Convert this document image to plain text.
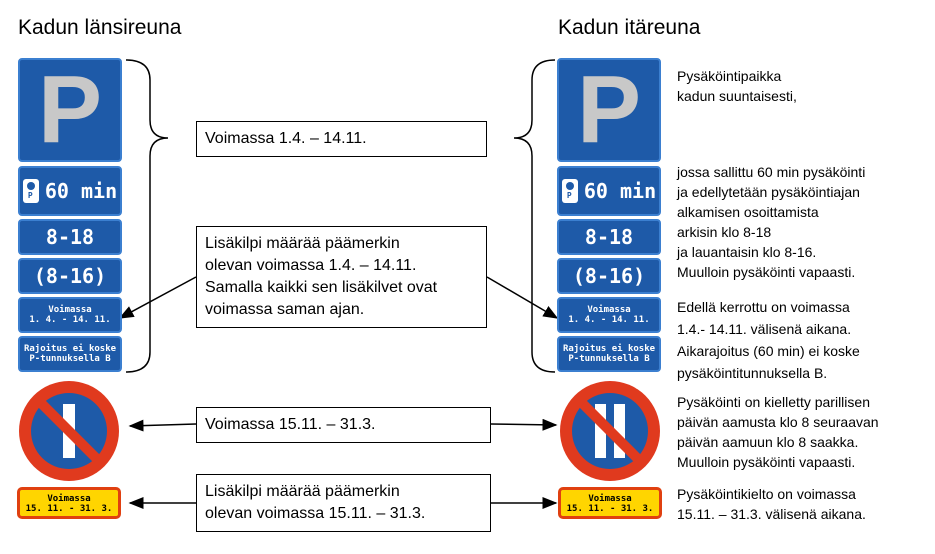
Kadun länsireuna	Kadun itäreuna
P
P 60 min
8-18
(8-16)
Voimassa
1. 4. - 14. 11.
Rajoitus ei koske
P-tunnuksella B
P
P 60 min
8-18
(8-16)
Voimassa
1. 4. - 14. 11.
Rajoitus ei koske
P-tunnuksella B
Voimassa
15. 11. - 31. 3.
Voimassa
15. 11. - 31. 3.
Voimassa 1.4. – 14.11.
Lisäkilpi määrää päämerkin
olevan voimassa 1.4. – 14.11.
Samalla kaikki sen lisäkilvet ovat
voimassa saman ajan.
Voimassa 15.11. – 31.3.
Lisäkilpi määrää päämerkin
olevan voimassa 15.11. – 31.3.
Pysäköintipaikka
kadun suuntaisesti,
jossa sallittu 60 min pysäköinti
ja edellytetään pysäköintiajan
alkamisen osoittamista
arkisin klo 8-18
ja lauantaisin klo 8-16.
Muulloin pysäköinti vapaasti.
Edellä kerrottu on voimassa
1.4.- 14.11. välisenä aikana.
Aikarajoitus (60 min) ei koske
pysäköintitunnuksella B.
Pysäköinti on kielletty parillisen
päivän aamusta klo 8 seuraavan
päivän aamuun klo 8 saakka.
Muulloin pysäköinti vapaasti.
Pysäköintikielto on voimassa
15.11. – 31.3. välisenä aikana.
